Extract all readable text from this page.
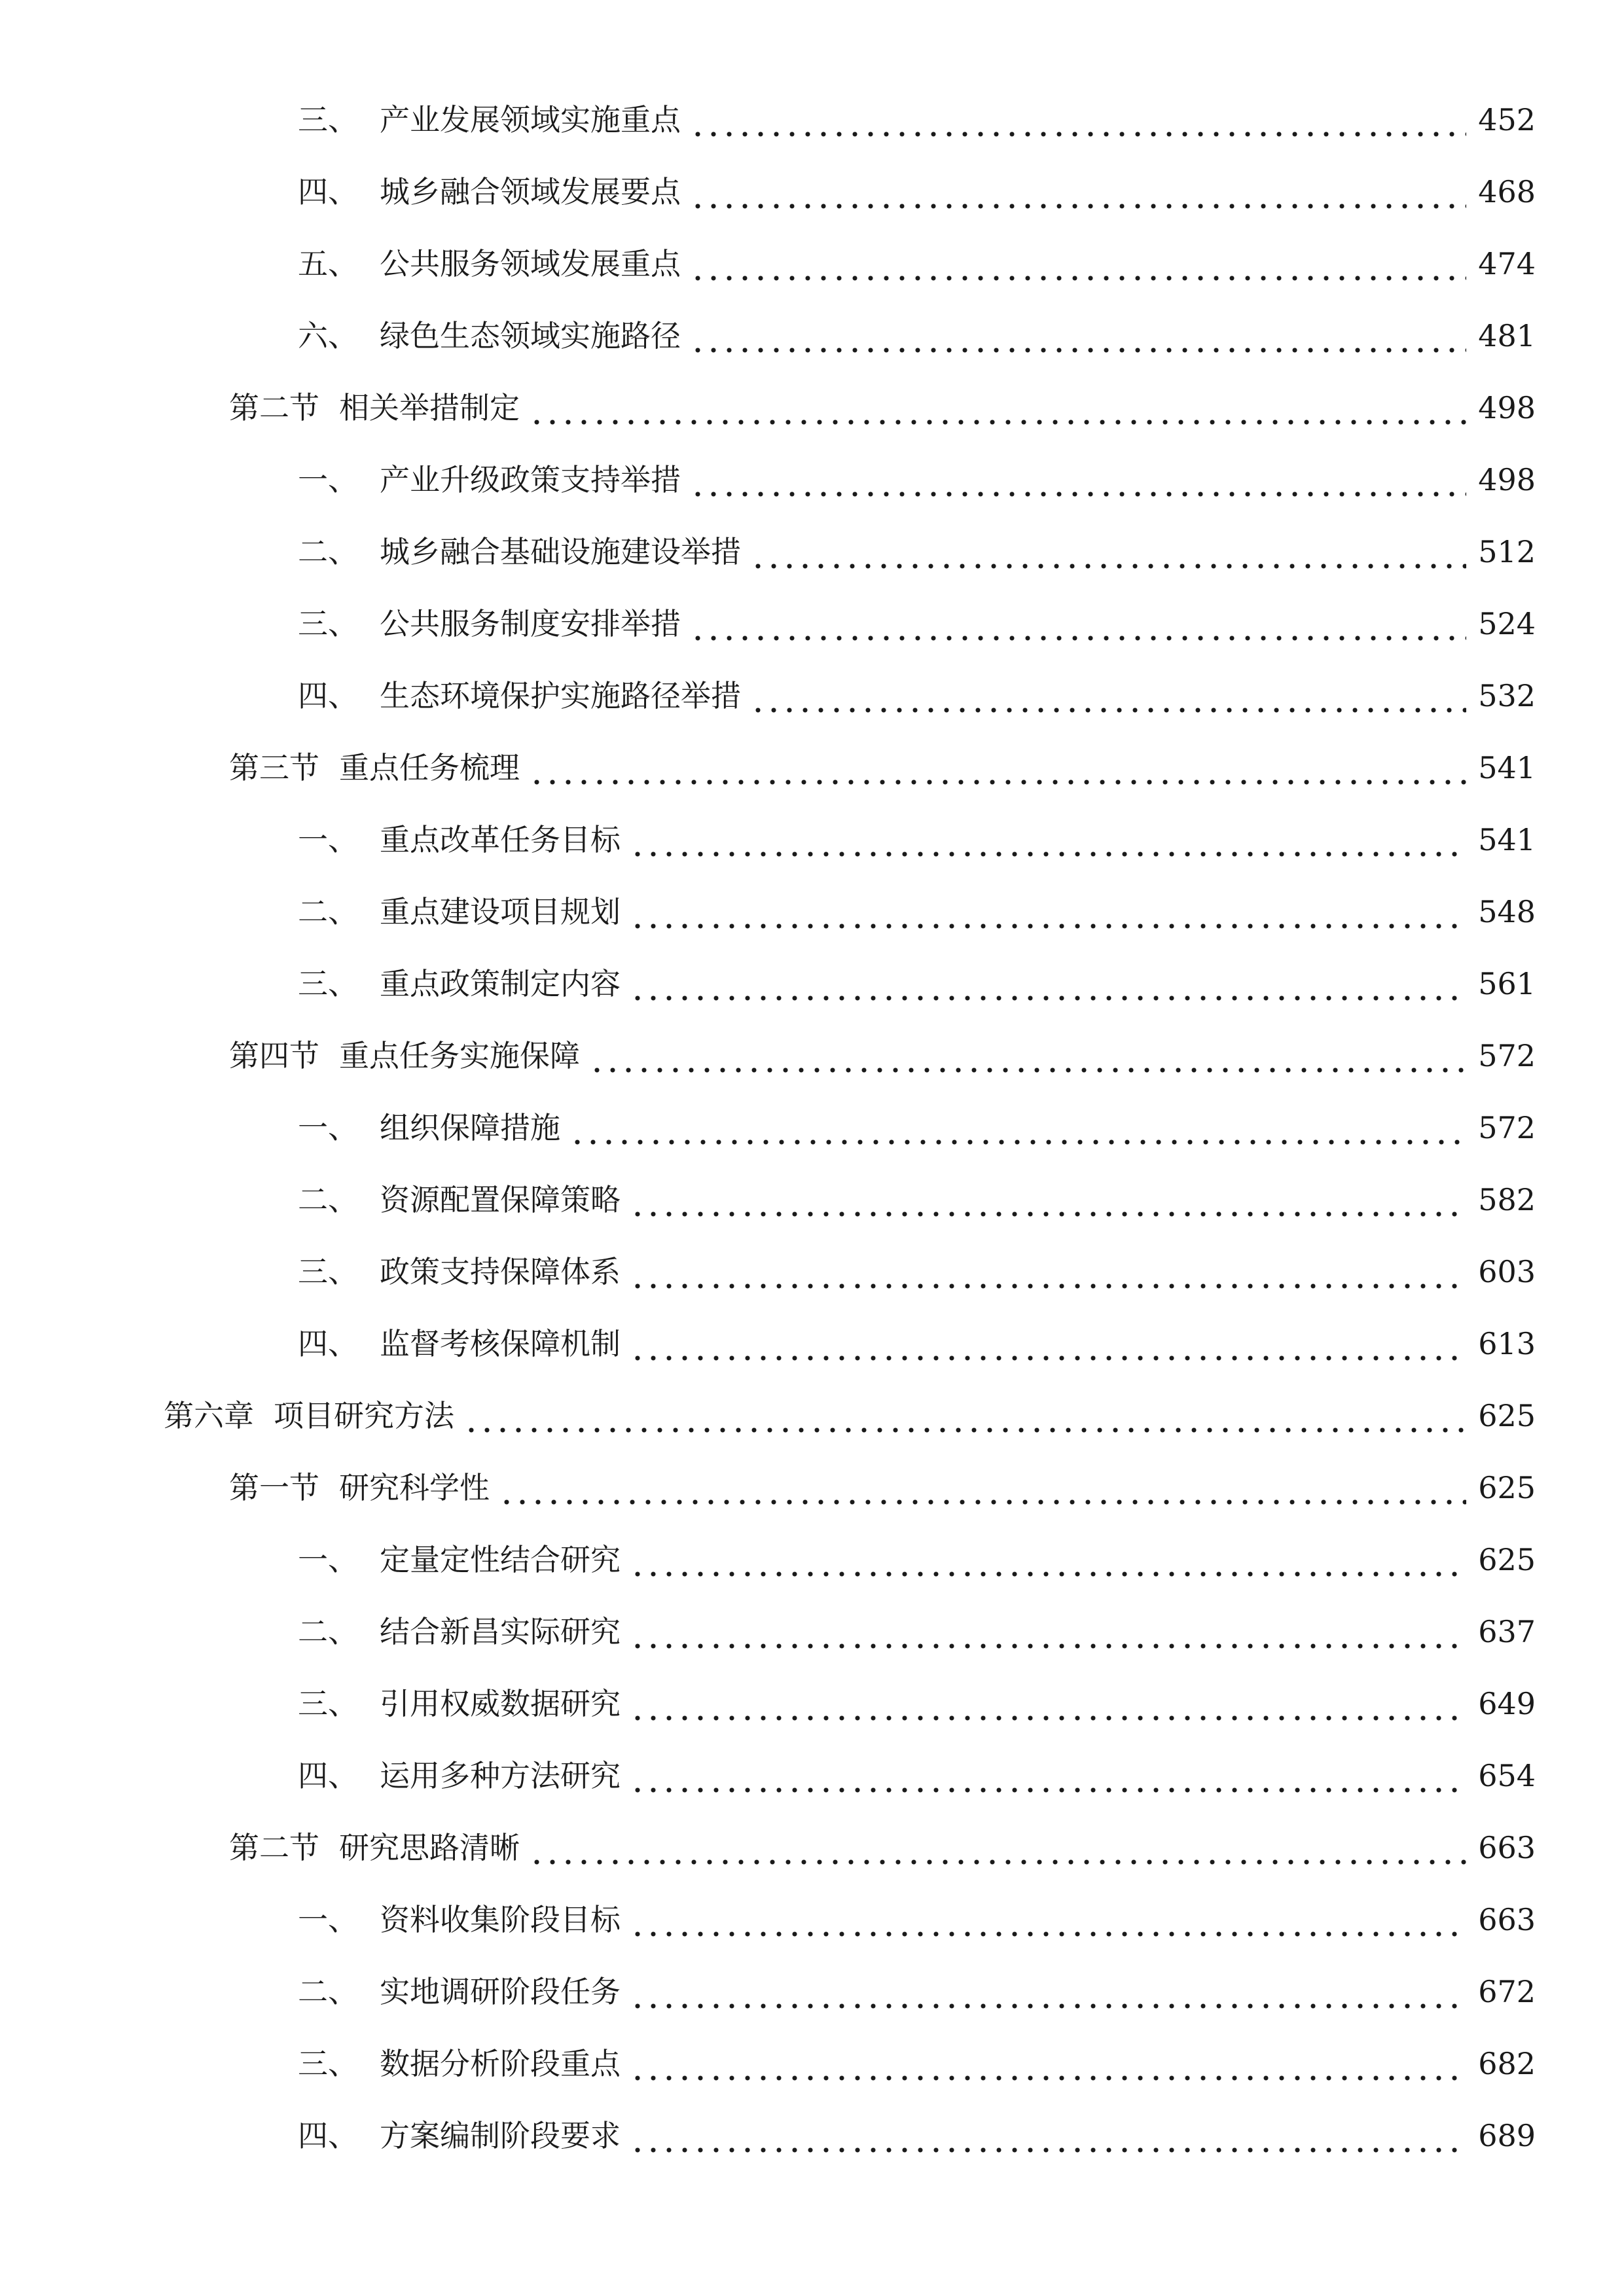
三、 产业发展领域实施重点	452
四、 城乡融合领域发展要点	468
五、 公共服务领域发展重点	474
六、 绿色生态领域实施路径	481
第二节 相关举措制定	498
一、 产业升级政策支持举措	498
二、 城乡融合基础设施建设举措	512
三、 公共服务制度安排举措	524
四、 生态环境保护实施路径举措	532
第三节 重点任务梳理	541
一、 重点改革任务目标	541
二、 重点建设项目规划	548
三、 重点政策制定内容	561
第四节 重点任务实施保障	572
一、 组织保障措施	572
二、 资源配置保障策略	582
三、 政策支持保障体系	603
四、 监督考核保障机制	613
第六章 项目研究方法	625
第一节 研究科学性	625
一、 定量定性结合研究	625
二、 结合新昌实际研究	637
三、 引用权威数据研究	649
四、 运用多种方法研究	654
第二节 研究思路清晰	663
一、 资料收集阶段目标	663
二、 实地调研阶段任务	672
三、 数据分析阶段重点	682
四、 方案编制阶段要求	689
